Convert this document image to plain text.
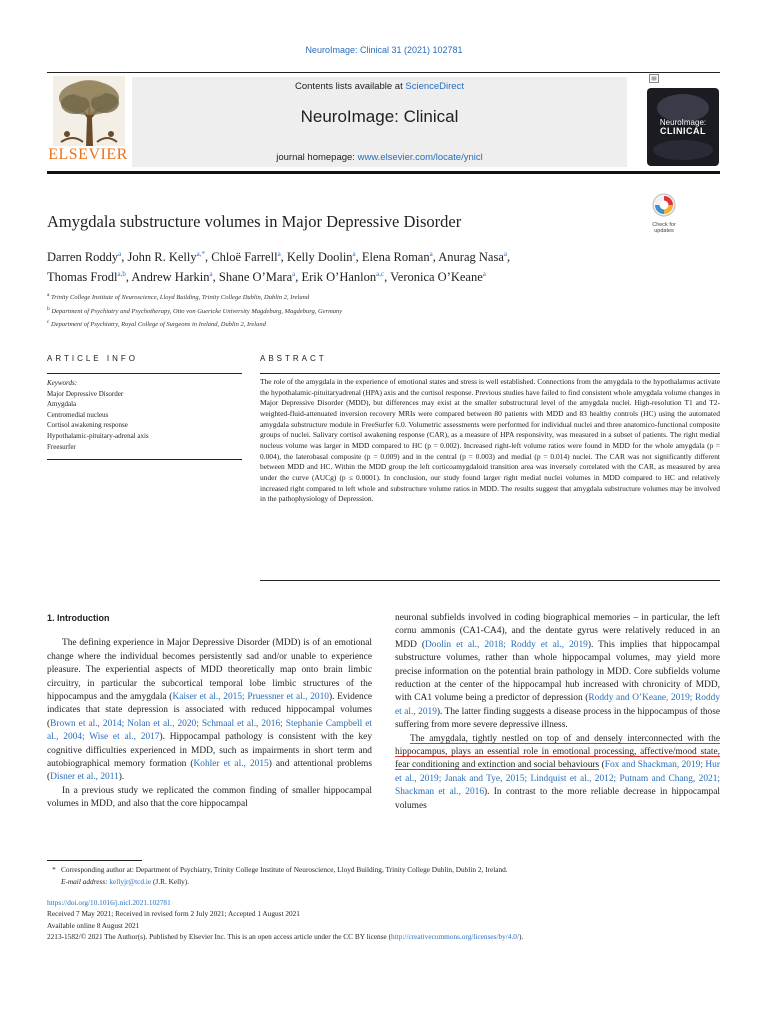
NeuroImage: Clinical 31 (2021) 102781
ELSEVIER
Contents lists available at ScienceDirect
NeuroImage: Clinical
journal homepage: www.elsevier.com/locate/ynicl
NeuroImage:
CLINICAL
Amygdala substructure volumes in Major Depressive Disorder	Check for
updates
Darren Roddy$^a$, John R. Kelly$^{a,*}$, Chloë Farrell$^a$, Kelly Doolin$^a$, Elena Roman$^a$, Anurag Nasa$^a$,
Thomas Frodl$^{a,b}$, Andrew Harkin$^a$, Shane O’Mara$^a$, Erik O’Hanlon$^{a,c}$, Veronica O’Keane$^a$
$^a$ Trinity College Institute of Neuroscience, Lloyd Building, Trinity College Dublin, Dublin 2, Ireland
$^b$ Department of Psychiatry and Psychotherapy, Otto von Guericke University Magdeburg, Magdeburg, Germany
$^c$ Department of Psychiatry, Royal College of Surgeons in Ireland, Dublin 2, Ireland
ARTICLE INFO	ABSTRACT
Keywords:
Major Depressive Disorder
Amygdala
Centromedial nucleus
Cortisol awakening response
Hypothalamic-pituitary-adrenal axis
Freesurfer
The role of the amygdala in the experience of emotional states and stress is well established. Connections from the amygdala to the hypothalamus activate the hypothalamic-pituitaryadrenal (HPA) axis and the cortisol response. Previous studies have failed to find consistent whole amygdala volume changes in Major Depressive Disorder (MDD), but differences may exist at the smaller substructural level of the amygdala nuclei. High-resolution T1 and T2-weighted-fluid-attenuated inversion recovery MRIs were compared between 80 patients with MDD and 83 healthy controls (HC) using the automated amygdala substructure module in FreeSurfer 6.0. Volumetric assessments were performed for individual nuclei and three anatomico-functional composite groups of nuclei. Salivary cortisol awakening response (CAR), as a measure of HPA responsivity, was measured in a subset of patients. The right medial nucleus volume was larger in MDD compared to HC (p = 0.002). Increased right-left volume ratios were found in MDD for the whole amygdala (p = 0.004), the laterobasal composite (p = 0.009) and in the central (p = 0.003) and medial (p = 0.014) nuclei. The CAR was not significantly different between MDD and HC. Within the MDD group the left corticoamygdaloid transition area was inversely correlated with the CAR, as measured by area under the curve (AUCg) (p ≤ 0.0001). In conclusion, our study found larger right medial nuclei volumes in MDD compared to HC and relatively increased right compared to left whole and substructure volume ratios in MDD. The results suggest that amygdala substructure volumes may be involved in the pathophysiology of Depression.

1. Introduction

The defining experience in Major Depressive Disorder (MDD) is of an emotional change where the individual becomes persistently sad and/or unable to experience pleasure. The experiential aspects of MDD theoretically map onto brain limbic circuitry, in particular the subcortical temporal lobe limbic structures of the hippocampus and the amygdala (Kaiser et al., 2015; Pruessner et al., 2010). Evidence indicates that state depression is associated with reduced hippocampal volumes (Brown et al., 2014; Nolan et al., 2020; Schmaal et al., 2016; Stephanie Campbell et al., 2004; Wise et al., 2017). Hippocampal pathology is consistent with the key cognitive difficulties experienced in MDD, such as impairments in short term and autobiographical memory formation (Kohler et al., 2015) and attentional problems (Disner et al., 2011).

In a previous study we replicated the common finding of smaller hippocampal volumes in MDD, and also that the core hippocampal

neuronal subfields involved in coding biographical memories – in particular, the left cornu ammonis (CA1-CA4), and the dentate gyrus were relatively reduced in an MDD (Doolin et al., 2018; Roddy et al., 2019). This implies that hippocampal substructure volumes, rather than whole hippocampal volumes, may yield more precise information on the potential brain pathology in MDD. Core subfields volume reduction at the center of the hippocampal hub increased with chronicity of MDD, with CA1 volume being a predictor of depression (Roddy and O’Keane, 2019; Roddy et al., 2019). The latter finding suggests a disease process in the hippocampus of those suffering from more severe depressive illness.

The amygdala, tightly nestled on top of and densely interconnected with the hippocampus, plays an essential role in emotional processing, affective/mood state, fear conditioning and extinction and social behaviours (Fox and Shackman, 2019; Hur et al., 2019; Janak and Tye, 2015; Lindquist et al., 2012; Putnam and Chang, 2021; Shackman et al., 2016). In contrast to the more reliable decrease in hippocampal volumes

* Corresponding author at: Department of Psychiatry, Trinity College Institute of Neuroscience, Lloyd Building, Trinity College Dublin, Dublin 2, Ireland.
E-mail address: kellyjr@tcd.ie (J.R. Kelly).
https://doi.org/10.1016/j.nicl.2021.102781
Received 7 May 2021; Received in revised form 2 July 2021; Accepted 1 August 2021
Available online 8 August 2021
2213-1582/© 2021 The Author(s). Published by Elsevier Inc. This is an open access article under the CC BY license (http://creativecommons.org/licenses/by/4.0/).
